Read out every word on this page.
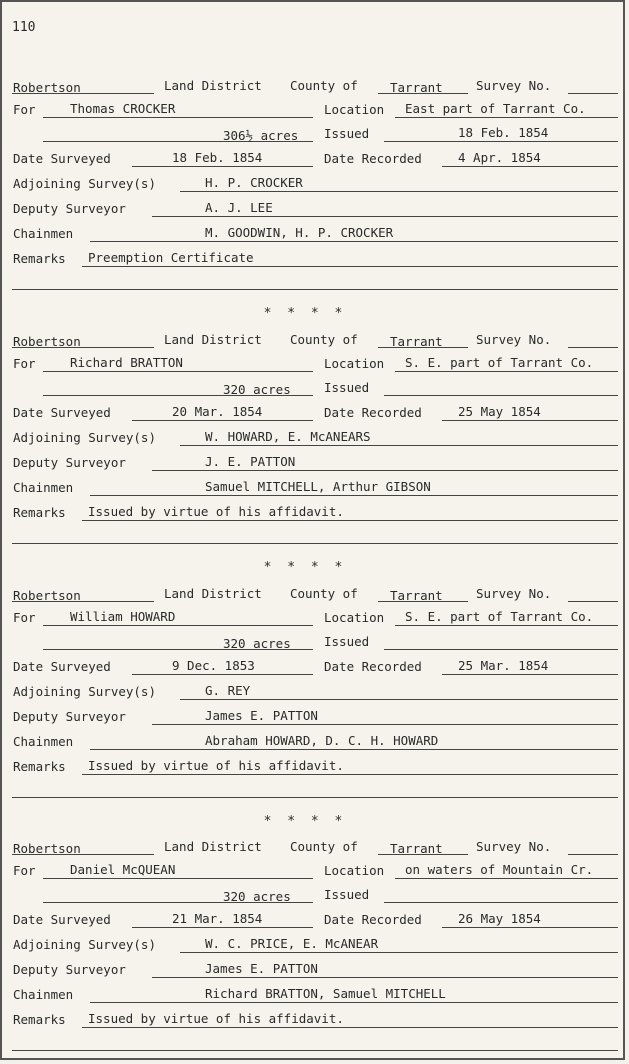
110
Robertson	Land District County of	Tarrant	Survey No.
For	Thomas CROCKER	Location East part of Tarrant Co.
306½ acres Issued	18 Feb. 1854
Date Surveyed	18 Feb. 1854	Date Recorded	4 Apr. 1854
Adjoining Survey(s)	H. P. CROCKER
Deputy Surveyor	A. J. LEE
Chainmen	M. GOODWIN, H. P. CROCKER
Remarks Preemption Certificate
* * * *
Robertson	Land District County of	Tarrant	Survey No.
For	Richard BRATTON	Location S. E. part of Tarrant Co.
320 acres	Issued
Date Surveyed	20 Mar. 1854	Date Recorded	25 May 1854
Adjoining Survey(s)	W. HOWARD, E. McANEARS
Deputy Surveyor	J. E. PATTON
Chainmen	Samuel MITCHELL, Arthur GIBSON
Remarks Issued by virtue of his affidavit.
* * * *
Robertson	Land District County of	Tarrant	Survey No.
For	William HOWARD	Location S. E. part of Tarrant Co.
320 acres	Issued
Date Surveyed	9 Dec. 1853	Date Recorded	25 Mar. 1854
Adjoining Survey(s)	G. REY
Deputy Surveyor	James E. PATTON
Chainmen	Abraham HOWARD, D. C. H. HOWARD
Remarks Issued by virtue of his affidavit.
* * * *
Robertson	Land District County of	Tarrant	Survey No.
For	Daniel McQUEAN	Location on waters of Mountain Cr.
320 acres	Issued
Date Surveyed	21 Mar. 1854	Date Recorded	26 May 1854
Adjoining Survey(s)	W. C. PRICE, E. McANEAR
Deputy Surveyor	James E. PATTON
Chainmen	Richard BRATTON, Samuel MITCHELL
Remarks Issued by virtue of his affidavit.
